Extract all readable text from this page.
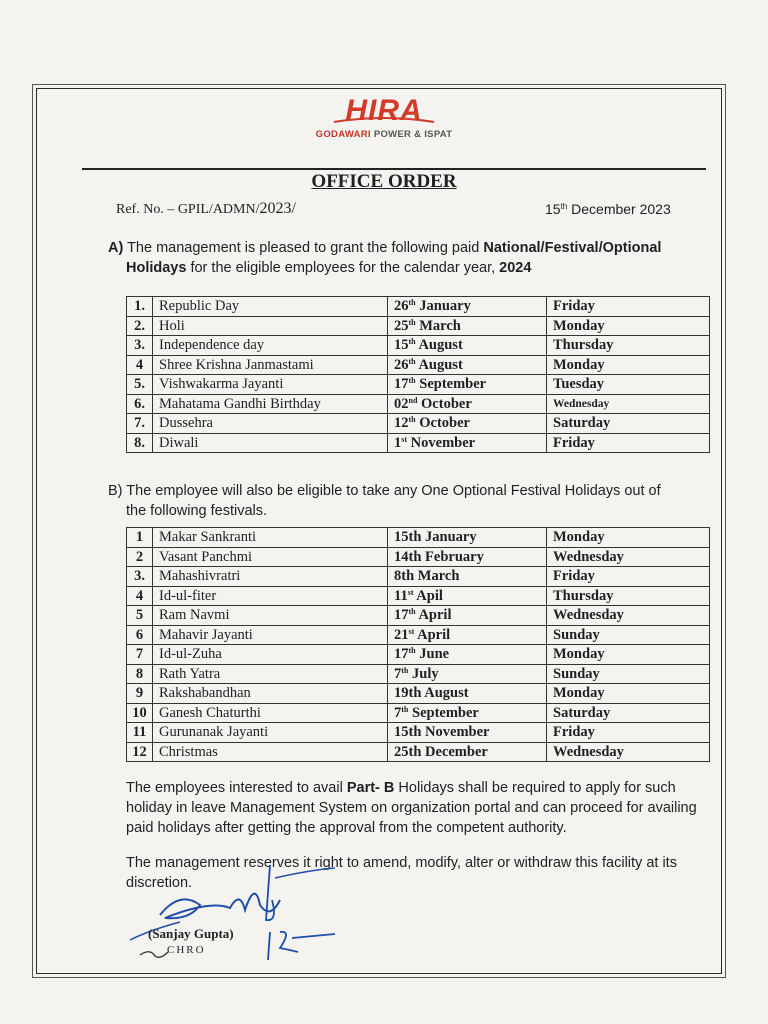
HIRA
GODAWARI POWER & ISPAT
OFFICE ORDER
Ref. No. – GPIL/ADMN/2023/	15th December 2023
A) The management is pleased to grant the following paid National/Festival/Optional
Holidays for the eligible employees for the calendar year, 2024
1.	Republic Day	26th January	Friday
2.	Holi	25th March	Monday
3.	Independence day	15th August	Thursday
4	Shree Krishna Janmastami	26th August	Monday
5.	Vishwakarma Jayanti	17th September	Tuesday
6.	Mahatama Gandhi Birthday	02nd October	Wednesday
7.	Dussehra	12th October	Saturday
8.	Diwali	1st November	Friday
B) The employee will also be eligible to take any One Optional Festival Holidays out of
the following festivals.
1	Makar Sankranti	15th January	Monday
2	Vasant Panchmi	14th February	Wednesday
3.	Mahashivratri	8th March	Friday
4	Id-ul-fiter	11st Apil	Thursday
5	Ram Navmi	17th April	Wednesday
6	Mahavir Jayanti	21st April	Sunday
7	Id-ul-Zuha	17th June	Monday
8	Rath Yatra	7th July	Sunday
9	Rakshabandhan	19th August	Monday
10	Ganesh Chaturthi	7th September	Saturday
11	Gurunanak Jayanti	15th November	Friday
12	Christmas	25th December	Wednesday
The employees interested to avail Part- B Holidays shall be required to apply for such holiday in leave Management System on organization portal and can proceed for availing paid holidays after getting the approval from the competent authority.
The management reserves it right to amend, modify, alter or withdraw this facility at its discretion.
(Sanjay Gupta)
CHRO
